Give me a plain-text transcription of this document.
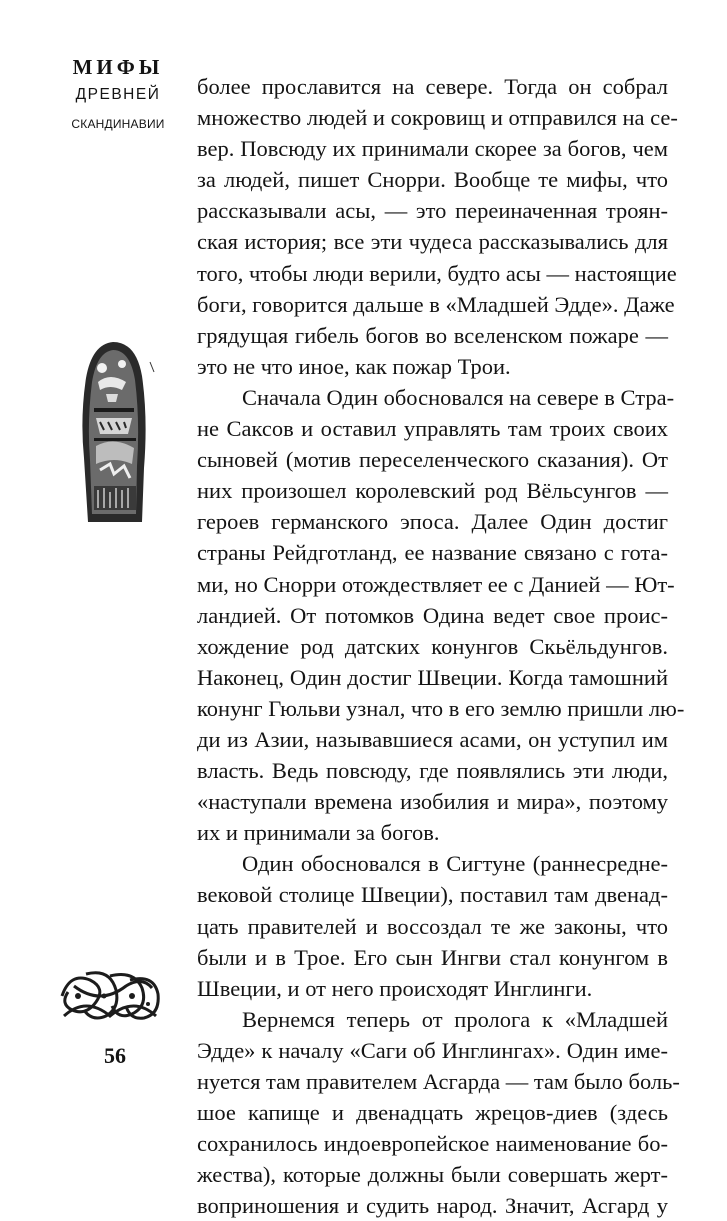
МИФЫ
ДРЕВНЕЙ
СКАНДИНАВИИ
56
более прославится на севере. Тогда он собрал
множество людей и сокровищ и отправился на се-
вер. Повсюду их принимали скорее за богов, чем
за людей, пишет Снорри. Вообще те мифы, что
рассказывали асы, — это переиначенная троян-
ская история; все эти чудеса рассказывались для
того, чтобы люди верили, будто асы — настоящие
боги, говорится дальше в «Младшей Эдде». Даже
грядущая гибель богов во вселенском пожаре —
это не что иное, как пожар Трои.
Сначала Один обосновался на севере в Стра-
не Саксов и оставил управлять там троих своих
сыновей (мотив переселенческого сказания). От
них произошел королевский род Вёльсунгов —
героев германского эпоса. Далее Один достиг
страны Рейдготланд, ее название связано с гота-
ми, но Снорри отождествляет ее с Данией — Ют-
ландией. От потомков Одина ведет свое проис-
хождение род датских конунгов Скьёльдунгов.
Наконец, Один достиг Швеции. Когда тамошний
конунг Гюльви узнал, что в его землю пришли лю-
ди из Азии, называвшиеся асами, он уступил им
власть. Ведь повсюду, где появлялись эти люди,
«наступали времена изобилия и мира», поэтому
их и принимали за богов.
Один обосновался в Сигтуне (раннесредне-
вековой столице Швеции), поставил там двенад-
цать правителей и воссоздал те же законы, что
были и в Трое. Его сын Ингви стал конунгом в
Швеции, и от него происходят Инглинги.
Вернемся теперь от пролога к «Младшей
Эдде» к началу «Саги об Инглингах». Один име-
нуется там правителем Асгарда — там было боль-
шое капище и двенадцать жрецов-диев (здесь
сохранилось индоевропейское наименование бо-
жества), которые должны были совершать жерт-
воприношения и судить народ. Значит, Асгард у
